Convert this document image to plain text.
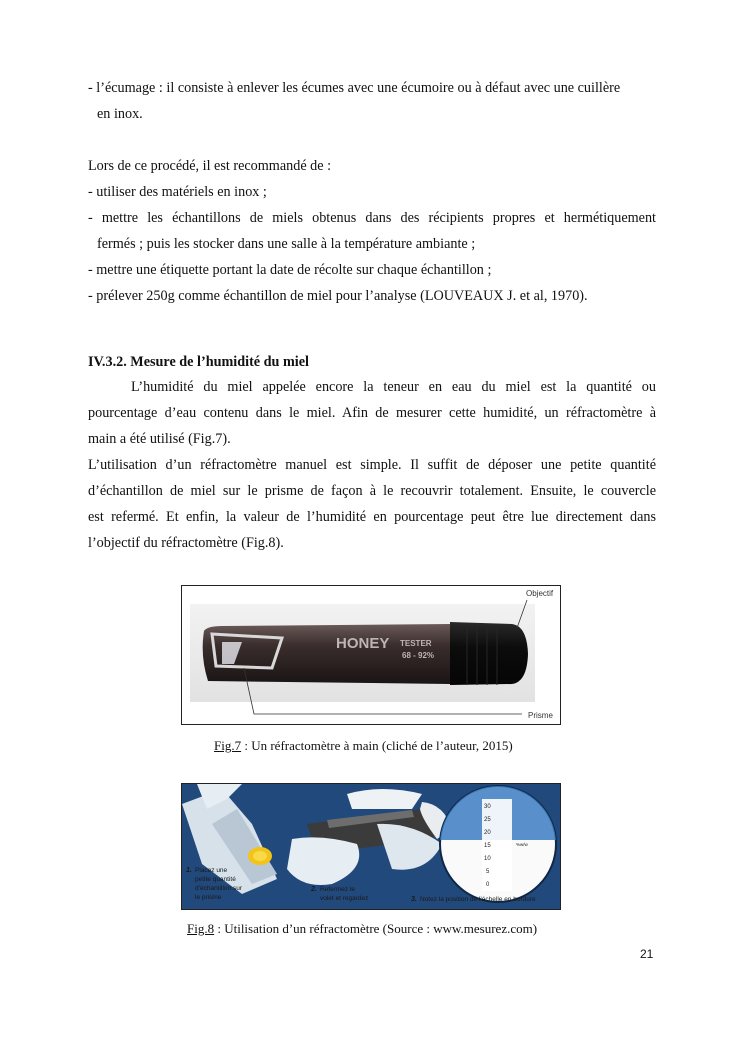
- l’écumage : il consiste à enlever les écumes avec une écumoire ou à défaut avec une cuillère
en inox.
Lors de ce procédé, il est recommandé de :
- utiliser des matériels en inox ;
- mettre les échantillons de miels obtenus dans des récipients propres et hermétiquement
fermés ; puis les stocker dans une salle à la température ambiante ;
- mettre une étiquette portant la date de récolte sur chaque échantillon ;
- prélever 250g comme échantillon de miel pour l’analyse (LOUVEAUX J. et al, 1970).
IV.3.2. Mesure de l’humidité du miel
L’humidité du miel appelée encore la teneur en eau du miel est la quantité ou
pourcentage d’eau contenu dans le miel. Afin de mesurer cette humidité, un réfractomètre à
main a été utilisé (Fig.7).
L’utilisation d’un réfractomètre manuel est simple. Il suffit de déposer une petite quantité
d’échantillon de miel sur le prisme de façon à le recouvrir totalement. Ensuite, le couvercle
est refermé. Et enfin, la valeur de l’humidité en pourcentage peut être lue directement dans
l’objectif du réfractomètre (Fig.8).
HONEY TESTER
68 - 92%
Objectif
Prisme
Fig.7 : Un réfractomètre à main (cliché de l’auteur, 2015)
30
25
20
15
10
5
0
%w/w
1. Placez une
petite quantité
d’échantillon sur
le prisme
2. Refermez le
volet et regardez	3. Notez la position de l’échelle en bordure
Fig.8 : Utilisation d’un réfractomètre (Source : www.mesurez.com)
21
